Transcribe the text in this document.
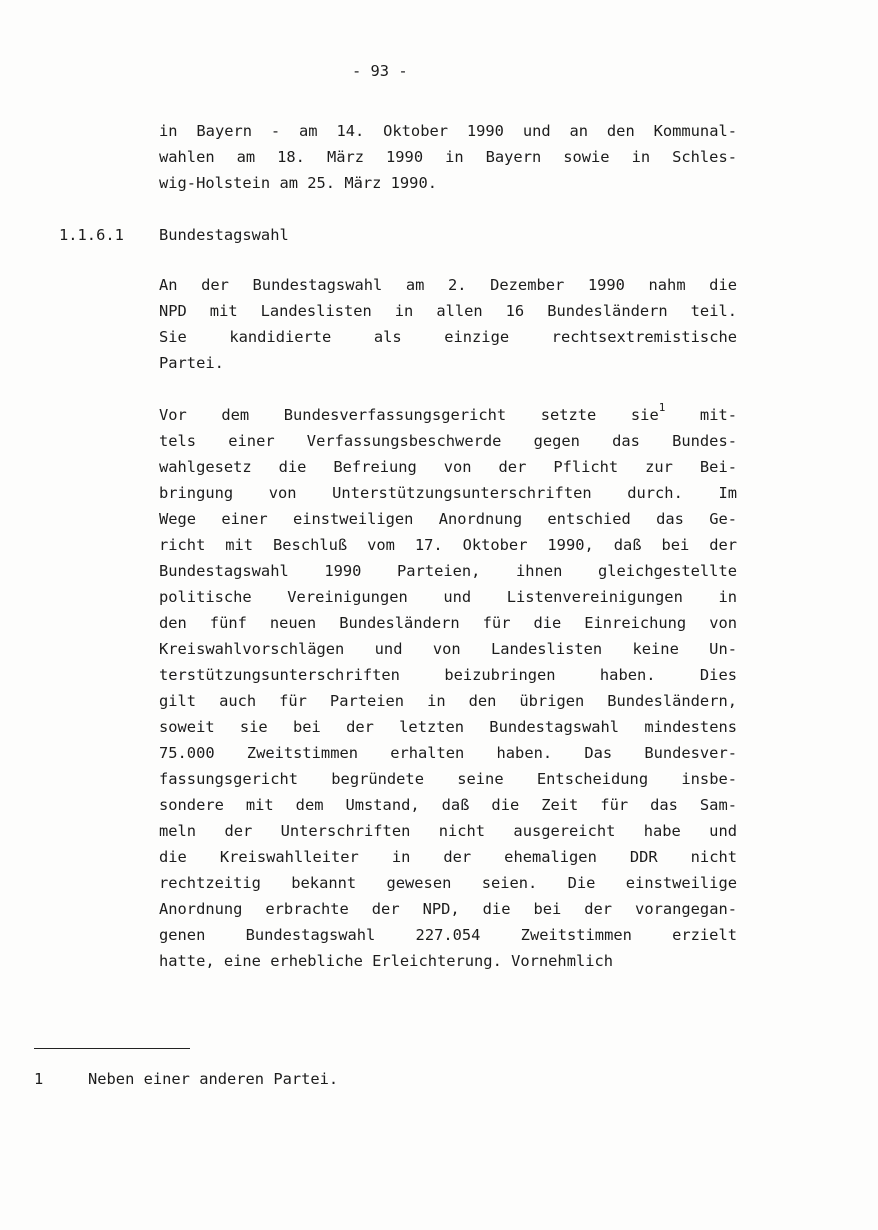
- 93 -
in Bayern - am 14. Oktober 1990 und an den Kommunal-
wahlen am 18. März 1990 in Bayern sowie in Schles-
wig-Holstein am 25. März 1990.
1.1.6.1 Bundestagswahl
An der Bundestagswahl am 2. Dezember 1990 nahm die
NPD mit Landeslisten in allen 16 Bundesländern teil.
Sie kandidierte als einzige rechtsextremistische
Partei.
Vor dem Bundesverfassungsgericht setzte sie$^1$ mit-
tels einer Verfassungsbeschwerde gegen das Bundes-
wahlgesetz die Befreiung von der Pflicht zur Bei-
bringung von Unterstützungsunterschriften durch. Im
Wege einer einstweiligen Anordnung entschied das Ge-
richt mit Beschluß vom 17. Oktober 1990, daß bei der
Bundestagswahl 1990 Parteien, ihnen gleichgestellte
politische Vereinigungen und Listenvereinigungen in
den fünf neuen Bundesländern für die Einreichung von
Kreiswahlvorschlägen und von Landeslisten keine Un-
terstützungsunterschriften beizubringen haben. Dies
gilt auch für Parteien in den übrigen Bundesländern,
soweit sie bei der letzten Bundestagswahl mindestens
75.000 Zweitstimmen erhalten haben. Das Bundesver-
fassungsgericht begründete seine Entscheidung insbe-
sondere mit dem Umstand, daß die Zeit für das Sam-
meln der Unterschriften nicht ausgereicht habe und
die Kreiswahlleiter in der ehemaligen DDR nicht
rechtzeitig bekannt gewesen seien. Die einstweilige
Anordnung erbrachte der NPD, die bei der vorangegan-
genen Bundestagswahl 227.054 Zweitstimmen erzielt
hatte, eine erhebliche Erleichterung. Vornehmlich
1	Neben einer anderen Partei.
